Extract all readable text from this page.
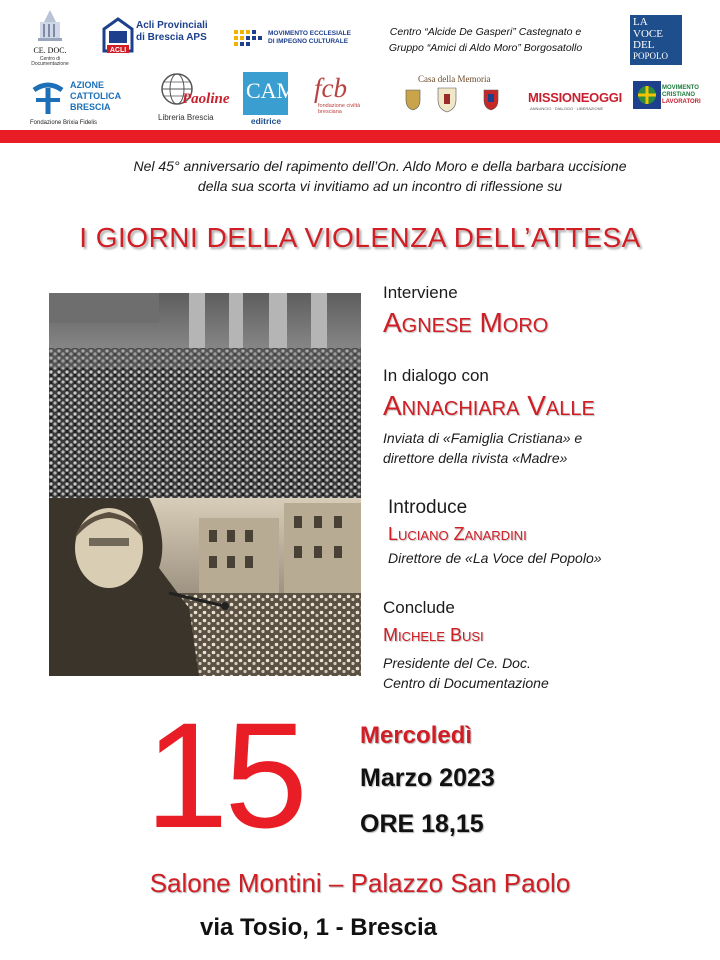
CE. DOC.
Centro di Documentazione
ACLI
Acli Provinciali
di Brescia APS	MOVIMENTO ECCLESIALE
DI IMPEGNO CULTURALE
Centro “Alcide De Gasperi” Castegnato e
Gruppo “Amici di Aldo Moro” Borgosatollo
LA
VOCE
DEL
POPOLO
AZIONE
CATTOLICA
BRESCIA
Fondazione Brixia Fidelis
Paoline
Libreria Brescia
CAM
editrice
fcb
fondazione civiltà bresciana
Casa della Memoria
MISSIONEOGGI
ANNUNCIO · DIALOGO · LIBERAZIONE
MOVIMENTO
CRISTIANO
LAVORATORI
Nel 45° anniversario del rapimento dell’On. Aldo Moro e della barbara uccisione
della sua scorta vi invitiamo ad un incontro di riflessione su
I GIORNI DELLA VIOLENZA DELL’ATTESA
Interviene
Agnese Moro
In dialogo con
Annachiara Valle
Inviata di «Famiglia Cristiana» e
direttore della rivista «Madre»
Introduce
Luciano Zanardini
Direttore de «La Voce del Popolo»
Conclude
Michele Busi
Presidente del Ce. Doc.
Centro di Documentazione
15	Mercoledì
Marzo 2023
ORE 18,15
Salone Montini – Palazzo San Paolo
via Tosio, 1 - Brescia
